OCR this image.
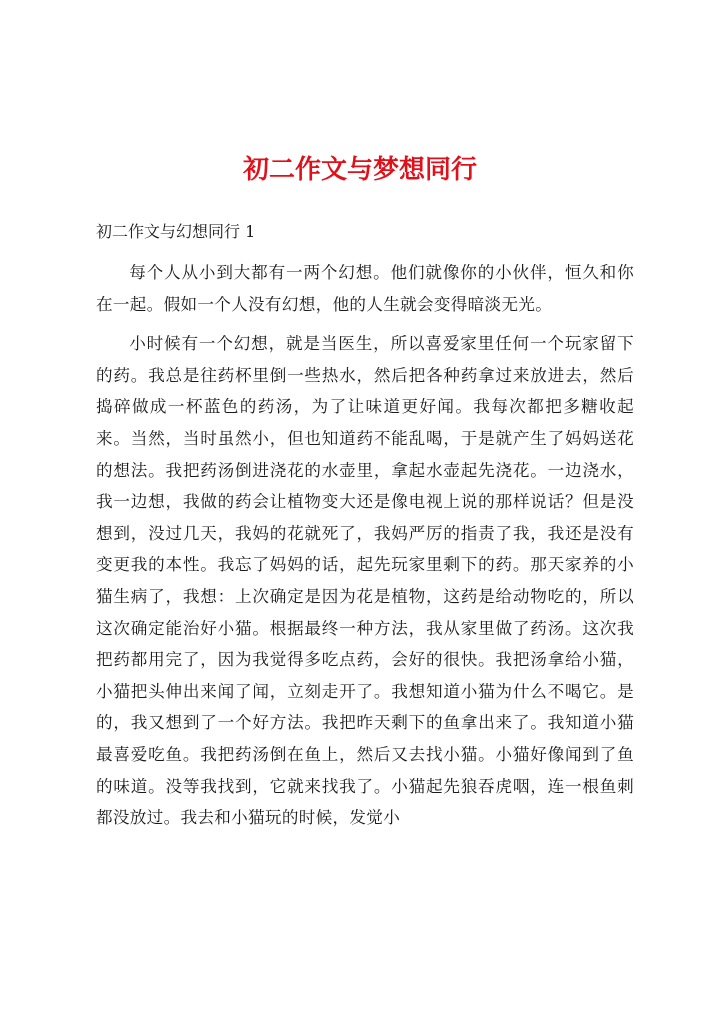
初二作文与梦想同行

初二作文与幻想同行 1

每个人从小到大都有一两个幻想。他们就像你的小伙伴，恒久和你在一起。假如一个人没有幻想，他的人生就会变得暗淡无光。

小时候有一个幻想，就是当医生，所以喜爱家里任何一个玩家留下的药。我总是往药杯里倒一些热水，然后把各种药拿过来放进去，然后捣碎做成一杯蓝色的药汤，为了让味道更好闻。我每次都把多糖收起来。当然，当时虽然小，但也知道药不能乱喝，于是就产生了妈妈送花的想法。我把药汤倒进浇花的水壶里，拿起水壶起先浇花。一边浇水，我一边想，我做的药会让植物变大还是像电视上说的那样说话？但是没想到，没过几天，我妈的花就死了，我妈严厉的指责了我，我还是没有变更我的本性。我忘了妈妈的话，起先玩家里剩下的药。那天家养的小猫生病了，我想：上次确定是因为花是植物，这药是给动物吃的，所以这次确定能治好小猫。根据最终一种方法，我从家里做了药汤。这次我把药都用完了，因为我觉得多吃点药，会好的很快。我把汤拿给小猫，小猫把头伸出来闻了闻，立刻走开了。我想知道小猫为什么不喝它。是的，我又想到了一个好方法。我把昨天剩下的鱼拿出来了。我知道小猫最喜爱吃鱼。我把药汤倒在鱼上，然后又去找小猫。小猫好像闻到了鱼的味道。没等我找到，它就来找我了。小猫起先狼吞虎咽，连一根鱼刺都没放过。我去和小猫玩的时候，发觉小
